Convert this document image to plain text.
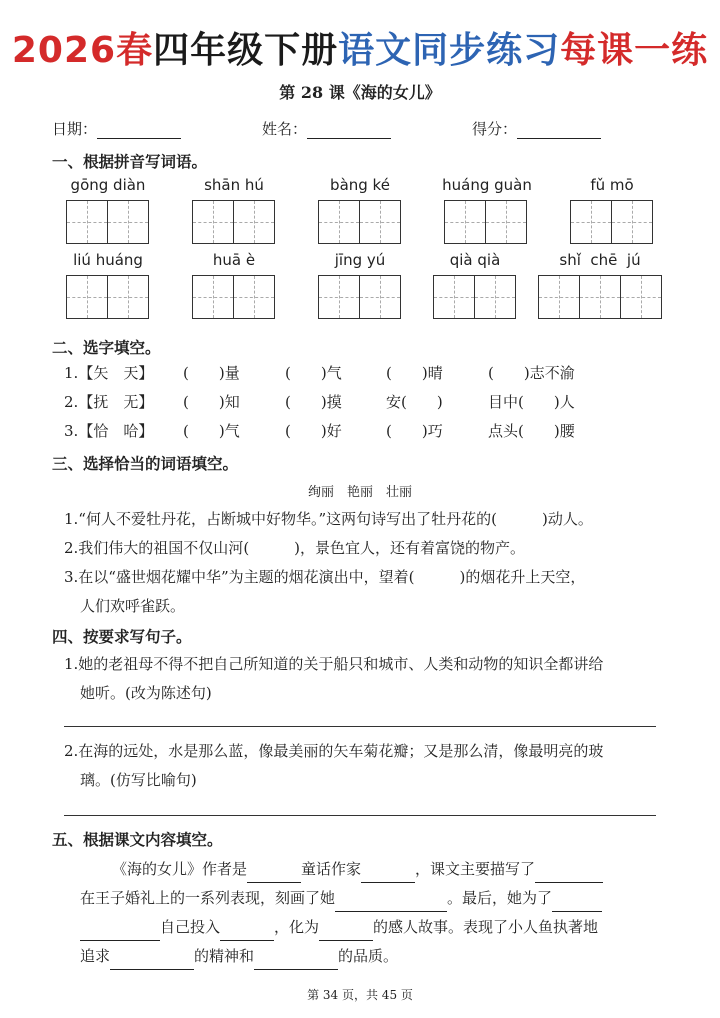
2026春四年级下册语文同步练习每课一练
第 28 课《海的女儿》
日期：	姓名：	得分：
一、根据拼音写词语。
gōng diàn	shān hú	bàng ké	huáng guàn	fǔ mō
liú huáng	huā è	jīng yú	qià qià	shǐ  chē  jú
二、选字填空。
1.【矢　天】 (　　)量	(　　)气	(　　)晴	(　　)志不渝
2.【抚　无】 (　　)知	(　　)摸	安(　　)	目中(　　)人
3.【恰　哈】 (　　)气	(　　)好	(　　)巧	点头(　　)腰
三、选择恰当的词语填空。
绚丽　艳丽　壮丽
1.“何人不爱牡丹花，占断城中好物华。”这两句诗写出了牡丹花的(　　　)动人。
2.我们伟大的祖国不仅山河(　　　)，景色宜人，还有着富饶的物产。
3.在以“盛世烟花耀中华”为主题的烟花演出中，望着(　　　)的烟花升上天空，
人们欢呼雀跃。
四、按要求写句子。
1.她的老祖母不得不把自己所知道的关于船只和城市、人类和动物的知识全都讲给
她听。(改为陈述句)
2.在海的远处，水是那么蓝，像最美丽的矢车菊花瓣；又是那么清，像最明亮的玻
璃。(仿写比喻句)
五、根据课文内容填空。
《海的女儿》作者是	童话作家	，课文主要描写了
在王子婚礼上的一系列表现，刻画了她	。最后，她为了
自己投入	，化为	的感人故事。表现了小人鱼执著地
追求	的精神和	的品质。
第 34 页，共 45 页
